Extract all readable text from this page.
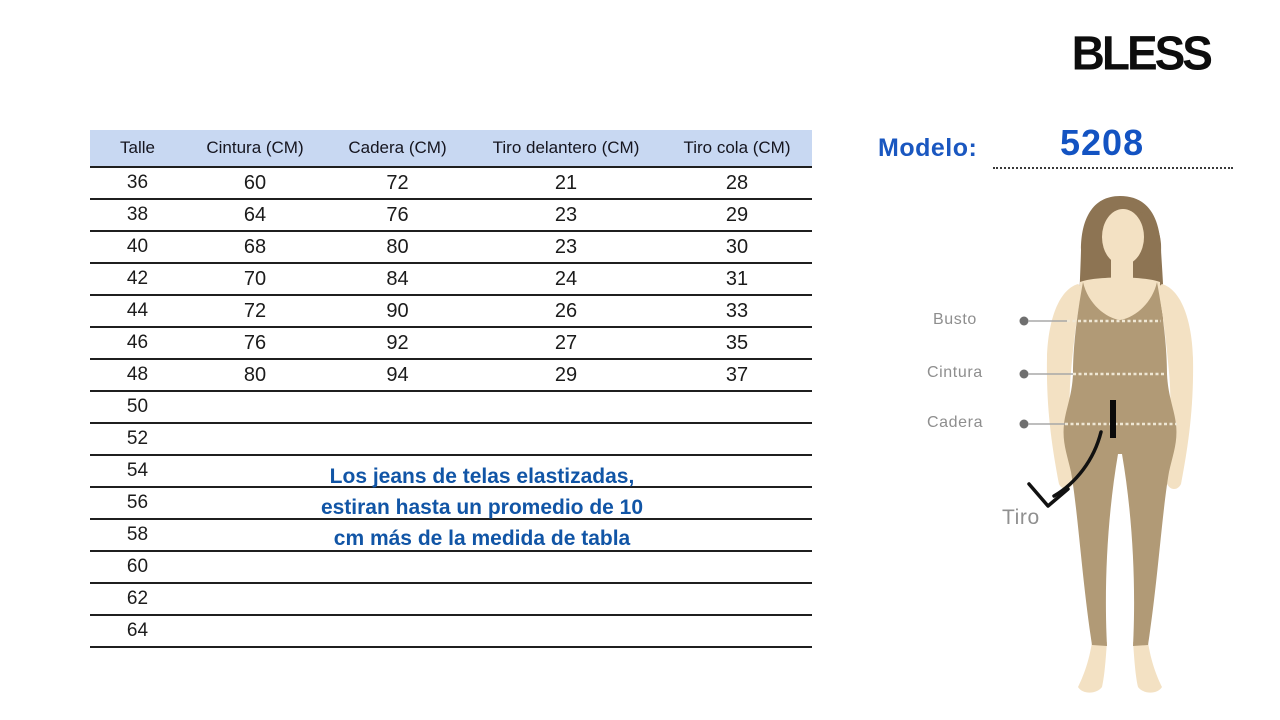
BLESS
Modelo: 5208
Talle	Cintura (CM)	Cadera (CM)	Tiro delantero (CM)	Tiro cola (CM)
36	60	72	21	28
38	64	76	23	29
40	68	80	23	30
42	70	84	24	31
44	72	90	26	33
46	76	92	27	35
48	80	94	29	37
50				
52				
54				
56				
58				
60				
62				
64				
Los jeans de telas elastizadas,
estiran hasta un promedio de 10
cm más de la medida de tabla
Busto
Cintura
Cadera
Tiro
